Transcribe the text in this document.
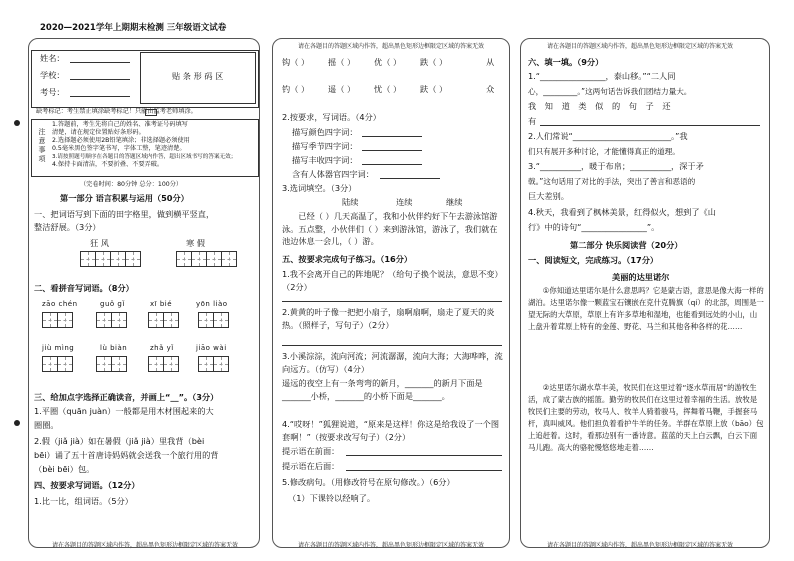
2020—2021学年上期期末检测 三年级语文试卷
请在各题目的答题区域内作答，超出黑色矩形边框限定区域的答案无效	请在各题目的答题区域内作答，超出黑色矩形边框限定区域的答案无效
请在各题目的答题区域内作答，超出黑色矩形边框限定区域的答案无效	请在各题目的答题区域内作答，超出黑色矩形边框限定区域的答案无效	请在各题目的答题区域内作答，超出黑色矩形边框限定区域的答案无效
姓名：
学校：
考号：
贴 条 形 码 区
缺考标记：考生禁止填涂缺考标记！只能由监考老师填涂。
注意事项
1.答题前，考生先将自己的姓名、准考证号码填写
清楚，请在规定位置贴好条形码。
2.选择题必须使用2B铅笔填涂；非选择题必须使用
0.5毫米黑色签字笔书写，字体工整，笔迹清楚。
3.请按照题号顺序在各题目的答题区域内作答，超出区域书写的答案无效；
4.保持卡面清洁，不要折叠、不要弄破。
（完卷时间：80分钟 总分：100分）
第一部分 语言积累与运用（50分）
一、把词语写到下面的田字格里，做到横平竖直，
整洁舒展。（3分）
狂 风	寒 假
二、看拼音写词语。（8分）
zāo chén	guǒ gǐ	xī bié	yōn liào
jiù mìng	lù biàn	zhǎ yǐ	jiāo wài
三、给加点字选择正确读音，并画上“__”。（3分）
1.平圈（quān juàn）一般都是用木材围起来的大
圈圈。
2.假（jiǎ jià）如在暑假（jiǎ jià）里我背（bèi
bēi）诵了五十首唐诗妈妈就会送我一个旅行用的背
（bèi bēi）包。
四、按要求写词语。（12分）
1.比一比，组词语。（5分）
钩（ ） 摇（ ） 优（ ） 跌（ ）	从
钓（ ） 遥（ ） 忧（ ） 趺（ ）	众
2.按要求，写词语。（4分）
描写颜色四字词：
描写季节四字词：
描写丰收四字词：
含有人体器官四字词：
3.选词填空。（3分）
陆续	连续	继续
已经（ ）几天高温了，我和小伙伴约好下午去游泳馆游泳。五点整，小伙伴们（ ）来到游泳馆，游泳了，我们就在池边休息一会儿，（ ）游。
五、按要求完成句子练习。（16分）
1.我不会离开自己的阵地呢？（给句子换个说法，意思不变）（2分）
2.黄黄的叶子像一把把小扇子，扇啊扇啊，扇走了夏天的炎热。（照样子，写句子）（2分）
3.小溪淙淙，流向河流；河流潺潺，流向大海；大海哗哗，流向远方。（仿写）（4分）
遥远的夜空上有一条弯弯的新月，_______的新月下面是_______小桥，_______的小桥下面是_______。
4.“哎呀！”狐狸说道，“原来是这样！你这是给我设了一个图套啊！”（按要求改写句子）（2分）
提示语在前面：
提示语在后面：
5.修改病句。（用修改符号在原句修改。）（6分）
（1）下课铃以经响了。
六、填一填。（9分）
1.“________________，泰山移。”“二人同
心，_________。”这两句话告诉我们团结力量大。
我 知 道 类 似 的 句 子 还
有
2.人们常说“________________________。”我
们只有展开多种讨论，才能懂得真正的道理。
3.“__________，暖于布帛；__________，深于矛
戟。”这句话用了对比的手法，突出了善言和恶语的
巨大差别。
4.秋天，我看到了枫林美景，红得似火，想到了《山
行》中的诗句“________________”。
第二部分 快乐阅读营（20分）
一、阅读短文，完成练习。（17分）
美丽的达里诺尔
①你知道达里诺尔是什么意思吗？它是蒙古语，意思是像大海一样的湖泊。达里诺尔像一颗蓝宝石镶嵌在克什克腾旗（qí）的北部，周围是一望无际的大草原，草原上有许多草地和湿地，也能看到远处的小山，山上盘升着茸原上特有的金莲、野花、马兰和其他各种各样的花……
②达里诺尔湖水草丰美，牧民们在这里过着“逐水草而居”的游牧生活，成了蒙古族的摇篮。勤劳的牧民们在这里过着幸福的生活。放牧是牧民们主要的劳动，牧马人、牧羊人骑着骏马，挥舞着马鞭，手握套马杆，真叫威风。他们担负着看护牛羊的任务。羊群在草原上放（bāo）包上追赶着。这时，看那边别有一番诗意。蓝蓝的天上白云飘，白云下面马儿跑。高大的骆驼慢悠悠地走着……
